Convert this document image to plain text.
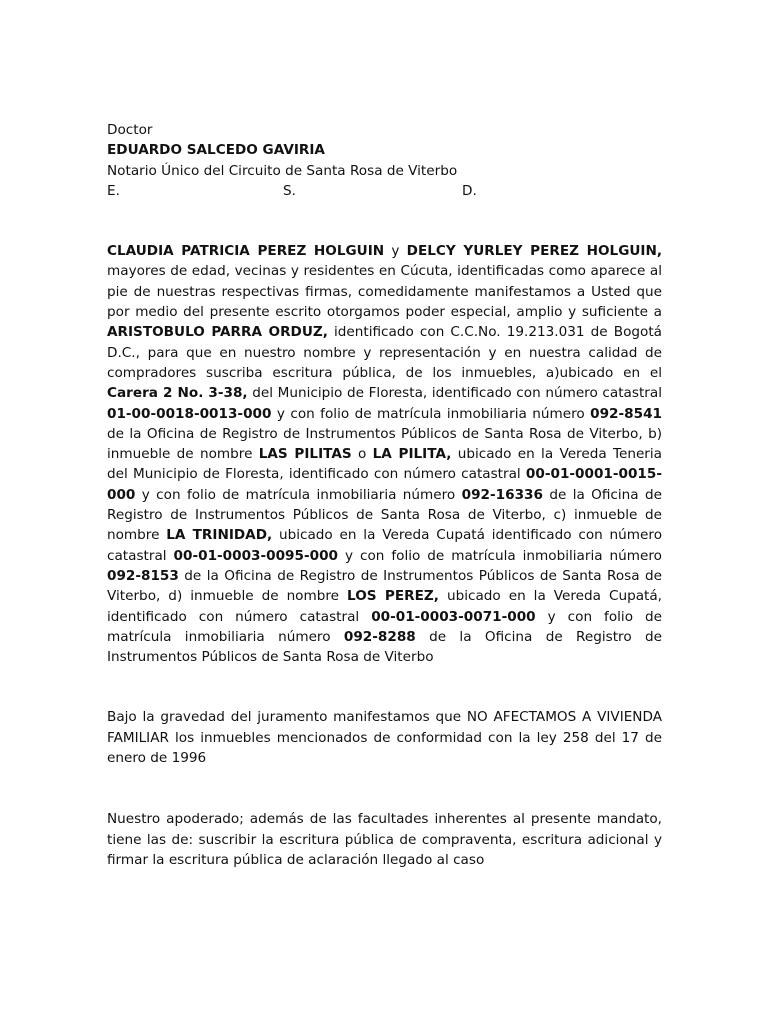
Doctor
EDUARDO SALCEDO GAVIRIA
Notario Único del Circuito de Santa Rosa de Viterbo
E.	S.	D.
CLAUDIA PATRICIA PEREZ HOLGUIN y DELCY YURLEY PEREZ HOLGUIN, mayores de edad, vecinas y residentes en Cúcuta, identificadas como aparece al pie de nuestras respectivas firmas, comedidamente manifestamos a Usted que por medio del presente escrito otorgamos poder especial, amplio y suficiente a ARISTOBULO PARRA ORDUZ, identificado con C.C.No. 19.213.031 de Bogotá D.C., para que en nuestro nombre y representación y en nuestra calidad de compradores suscriba escritura pública, de los inmuebles, a)ubicado en el Carera 2 No. 3-38, del Municipio de Floresta, identificado con número catastral 01-00-0018-0013-000 y con folio de matrícula inmobiliaria número 092-8541 de la Oficina de Registro de Instrumentos Públicos de Santa Rosa de Viterbo, b) inmueble de nombre LAS PILITAS o LA PILITA, ubicado en la Vereda Teneria del Municipio de Floresta, identificado con número catastral 00-01-0001-0015-000 y con folio de matrícula inmobiliaria número 092-16336 de la Oficina de Registro de Instrumentos Públicos de Santa Rosa de Viterbo, c) inmueble de nombre LA TRINIDAD, ubicado en la Vereda Cupatá identificado con número catastral 00-01-0003-0095-000 y con folio de matrícula inmobiliaria número 092-8153 de la Oficina de Registro de Instrumentos Públicos de Santa Rosa de Viterbo, d) inmueble de nombre LOS PEREZ, ubicado en la Vereda Cupatá, identificado con número catastral 00-01-0003-0071-000 y con folio de matrícula inmobiliaria número 092-8288 de la Oficina de Registro de Instrumentos Públicos de Santa Rosa de Viterbo
Bajo la gravedad del juramento manifestamos que NO AFECTAMOS A VIVIENDA FAMILIAR los inmuebles mencionados de conformidad con la ley 258 del 17 de enero de 1996
Nuestro apoderado; además de las facultades inherentes al presente mandato, tiene las de: suscribir la escritura pública de compraventa, escritura adicional y firmar la escritura pública de aclaración llegado al caso
